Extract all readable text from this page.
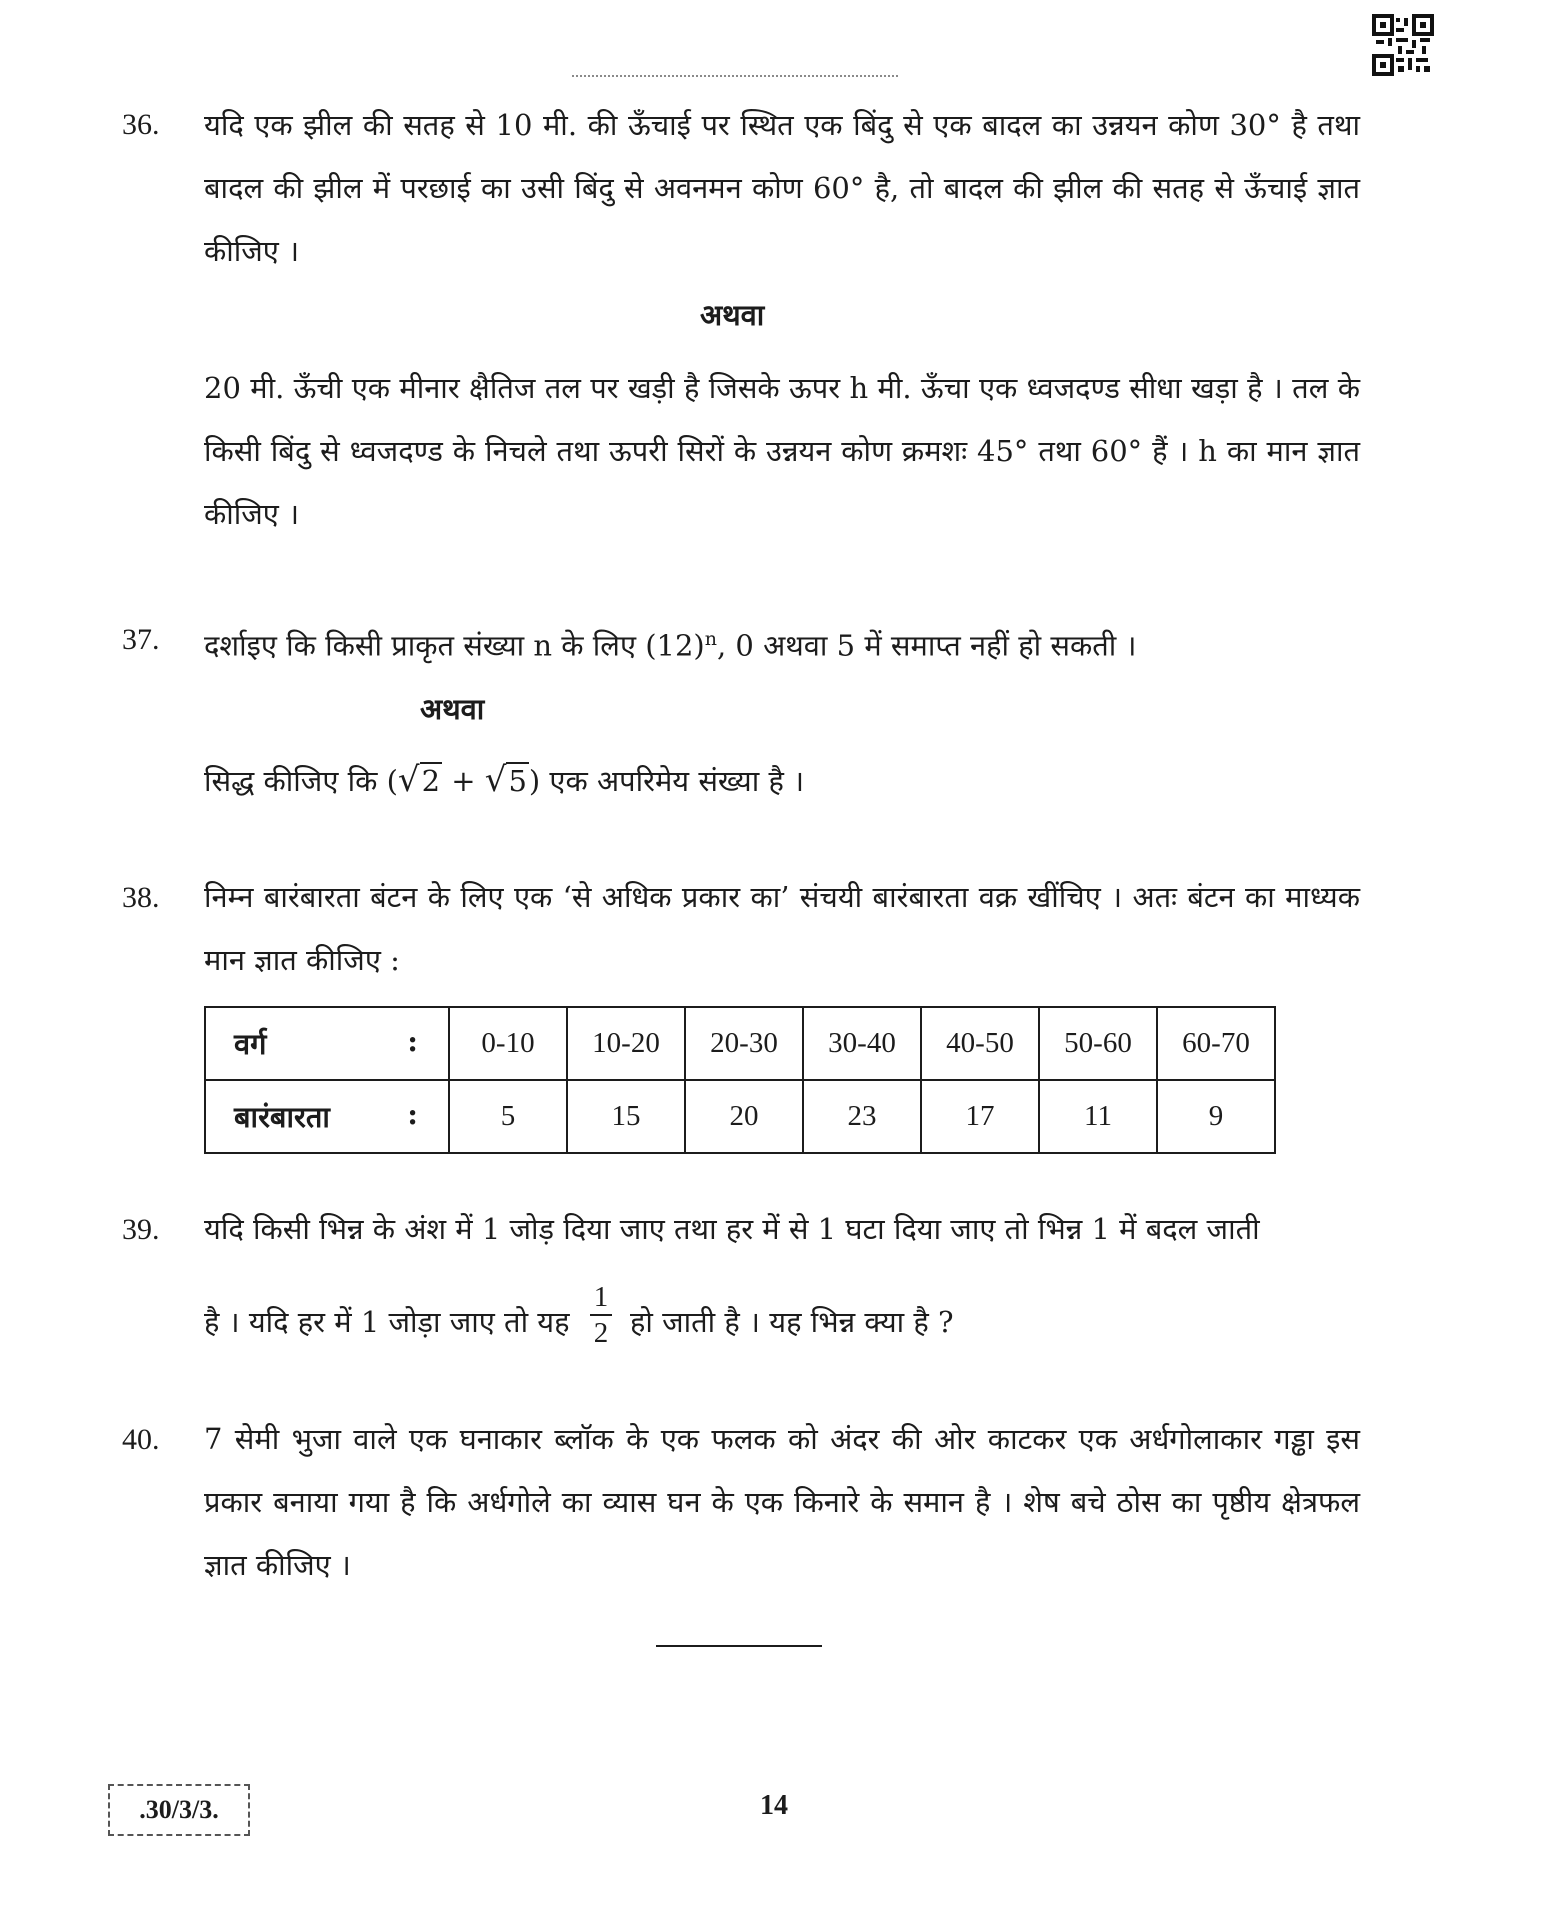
36.	यदि एक झील की सतह से 10 मी. की ऊँचाई पर स्थित एक बिंदु से एक बादल का उन्नयन कोण 30° है तथा बादल की झील में परछाई का उसी बिंदु से अवनमन कोण 60° है, तो बादल की झील की सतह से ऊँचाई ज्ञात कीजिए ।

अथवा

20 मी. ऊँची एक मीनार क्षैतिज तल पर खड़ी है जिसके ऊपर h मी. ऊँचा एक ध्वजदण्ड सीधा खड़ा है । तल के किसी बिंदु से ध्वजदण्ड के निचले तथा ऊपरी सिरों के उन्नयन कोण क्रमशः 45° तथा 60° हैं । h का मान ज्ञात कीजिए ।

37.	दर्शाइए कि किसी प्राकृत संख्या n के लिए $(12)^n$, 0 अथवा 5 में समाप्त नहीं हो सकती ।
अथवा
सिद्ध कीजिए कि (√2 + √5) एक अपरिमेय संख्या है ।
38.	निम्न बारंबारता बंटन के लिए एक ‘से अधिक प्रकार का’ संचयी बारंबारता वक्र खींचिए । अतः बंटन का माध्यक मान ज्ञात कीजिए :

वर्ग :	0-10	10-20	20-30	30-40	40-50	50-60	60-70
बारंबारता :	5	15	20	23	17	11	9
39.	यदि किसी भिन्न के अंश में 1 जोड़ दिया जाए तथा हर में से 1 घटा दिया जाए तो भिन्न 1 में बदल जाती
है । यदि हर में 1 जोड़ा जाए तो यह
1
2 हो जाती है । यह भिन्न क्या है ?
40.	7 सेमी भुजा वाले एक घनाकार ब्लॉक के एक फलक को अंदर की ओर काटकर एक अर्धगोलाकार गड्ढा इस प्रकार बनाया गया है कि अर्धगोले का व्यास घन के एक किनारे के समान है । शेष बचे ठोस का पृष्ठीय क्षेत्रफल ज्ञात कीजिए ।

.30/3/3.	14
